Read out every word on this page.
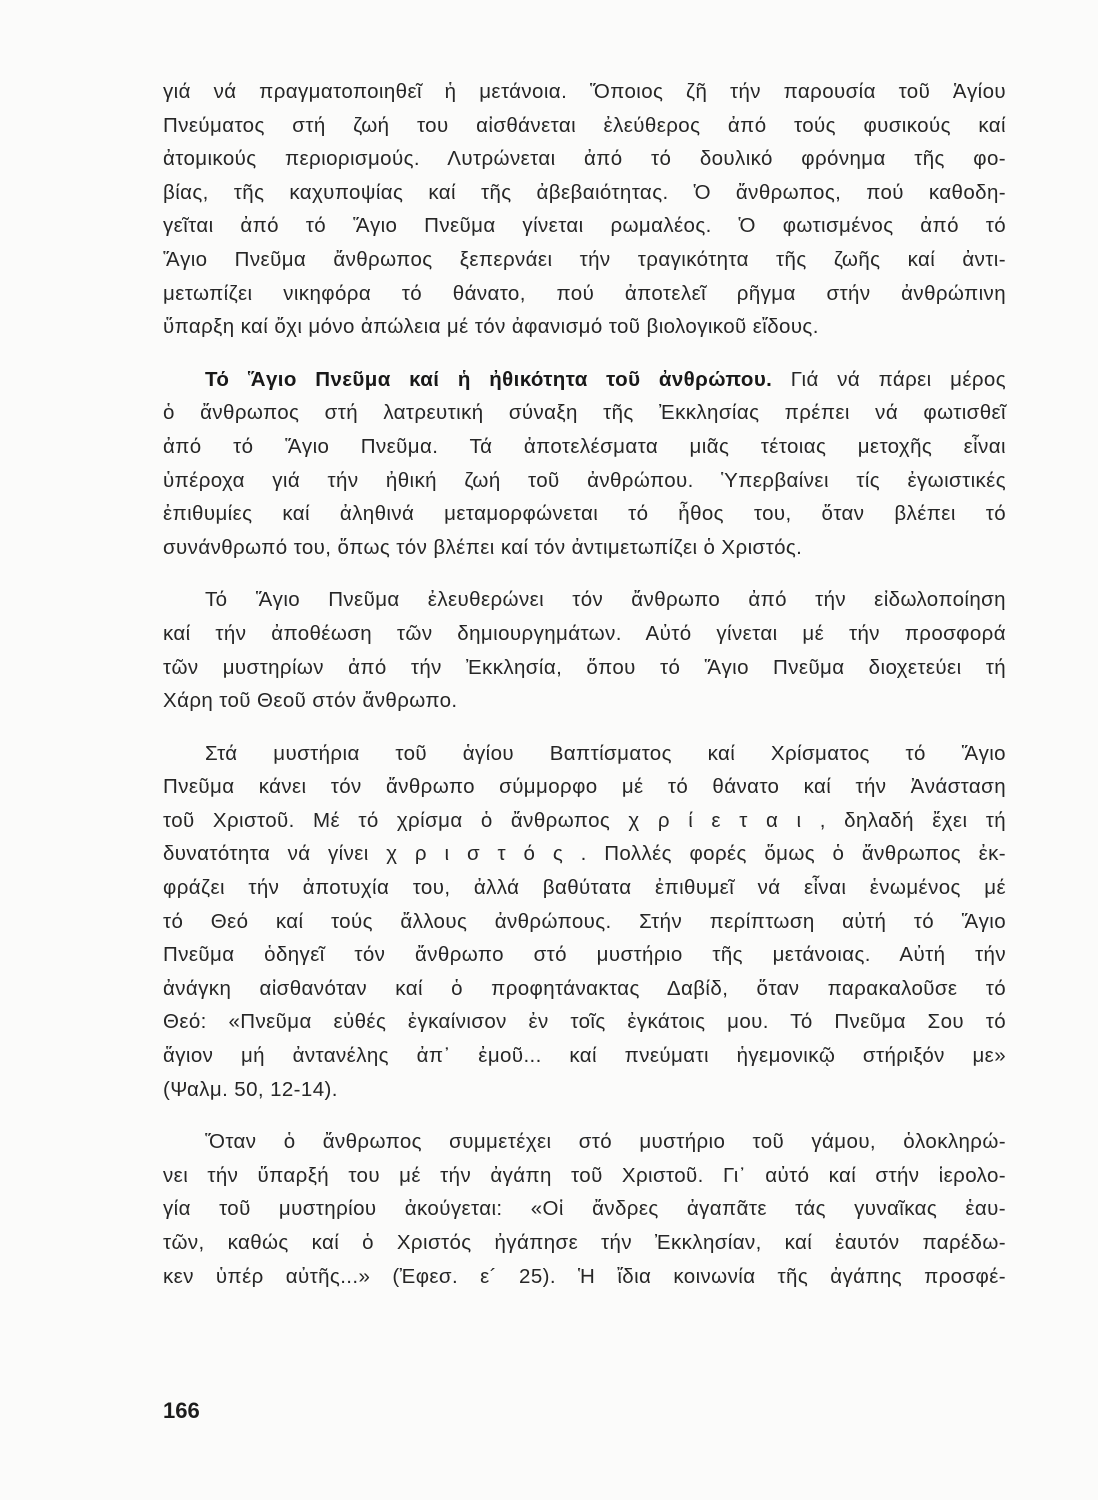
γιά νά πραγματοποιηθεῖ ἡ μετάνοια. Ὅποιος ζῆ τήν παρουσία τοῦ Ἁγίου
Πνεύματος στή ζωή του αἰσθάνεται ἐλεύθερος ἀπό τούς φυσικούς καί
ἀτομικούς περιορισμούς. Λυτρώνεται ἀπό τό δουλικό φρόνημα τῆς φο-
βίας, τῆς καχυποψίας καί τῆς ἀβεβαιότητας. Ὁ ἄνθρωπος, πού καθοδη-
γεῖται ἀπό τό Ἅγιο Πνεῦμα γίνεται ρωμαλέος. Ὁ φωτισμένος ἀπό τό
Ἅγιο Πνεῦμα ἄνθρωπος ξεπερνάει τήν τραγικότητα τῆς ζωῆς καί ἀντι-
μετωπίζει νικηφόρα τό θάνατο, πού ἀποτελεῖ ρῆγμα στήν ἀνθρώπινη
ὕπαρξη καί ὄχι μόνο ἀπώλεια μέ τόν ἀφανισμό τοῦ βιολογικοῦ εἴδους.
Τό Ἅγιο Πνεῦμα καί ἡ ἠθικότητα τοῦ ἀνθρώπου. Γιά νά πάρει μέρος
ὁ ἄνθρωπος στή λατρευτική σύναξη τῆς Ἐκκλησίας πρέπει νά φωτισθεῖ
ἀπό τό Ἅγιο Πνεῦμα. Τά ἀποτελέσματα μιᾶς τέτοιας μετοχῆς εἶναι
ὑπέροχα γιά τήν ἠθική ζωή τοῦ ἀνθρώπου. Ὑπερβαίνει τίς ἐγωιστικές
ἐπιθυμίες καί ἀληθινά μεταμορφώνεται τό ἦθος του, ὅταν βλέπει τό
συνάνθρωπό του, ὅπως τόν βλέπει καί τόν ἀντιμετωπίζει ὁ Χριστός.
Τό Ἅγιο Πνεῦμα ἐλευθερώνει τόν ἄνθρωπο ἀπό τήν εἰδωλοποίηση
καί τήν ἀποθέωση τῶν δημιουργημάτων. Αὐτό γίνεται μέ τήν προσφορά
τῶν μυστηρίων ἀπό τήν Ἐκκλησία, ὅπου τό Ἅγιο Πνεῦμα διοχετεύει τή
Χάρη τοῦ Θεοῦ στόν ἄνθρωπο.
Στά μυστήρια τοῦ ἁγίου Βαπτίσματος καί Χρίσματος τό Ἅγιο
Πνεῦμα κάνει τόν ἄνθρωπο σύμμορφο μέ τό θάνατο καί τήν Ἀνάσταση
τοῦ Χριστοῦ. Μέ τό χρίσμα ὁ ἄνθρωπος χ ρ ί ε τ α ι , δηλαδή ἔχει τή
δυνατότητα νά γίνει χ ρ ι σ τ ό ς . Πολλές φορές ὅμως ὁ ἄνθρωπος ἐκ-
φράζει τήν ἀποτυχία του, ἀλλά βαθύτατα ἐπιθυμεῖ νά εἶναι ἑνωμένος μέ
τό Θεό καί τούς ἄλλους ἀνθρώπους. Στήν περίπτωση αὐτή τό Ἅγιο
Πνεῦμα ὁδηγεῖ τόν ἄνθρωπο στό μυστήριο τῆς μετάνοιας. Αὐτή τήν
ἀνάγκη αἰσθανόταν καί ὁ προφητάνακτας Δαβίδ, ὅταν παρακαλοῦσε τό
Θεό: «Πνεῦμα εὐθές ἐγκαίνισον ἐν τοῖς ἐγκάτοις μου. Τό Πνεῦμα Σου τό
ἅγιον μή ἀντανέλης ἀπ᾽ ἐμοῦ... καί πνεύματι ἡγεμονικῷ στήριξόν με»
(Ψαλμ. 50, 12-14).
Ὅταν ὁ ἄνθρωπος συμμετέχει στό μυστήριο τοῦ γάμου, ὁλοκληρώ-
νει τήν ὕπαρξή του μέ τήν ἀγάπη τοῦ Χριστοῦ. Γι᾽ αὐτό καί στήν ἱερολο-
γία τοῦ μυστηρίου ἀκούγεται: «Οἱ ἄνδρες ἀγαπᾶτε τάς γυναῖκας ἑαυ-
τῶν, καθώς καί ὁ Χριστός ἠγάπησε τήν Ἐκκλησίαν, καί ἑαυτόν παρέδω-
κεν ὑπέρ αὐτῆς...» (Ἐφεσ. ε´ 25). Ἡ ἴδια κοινωνία τῆς ἀγάπης προσφέ-
166
